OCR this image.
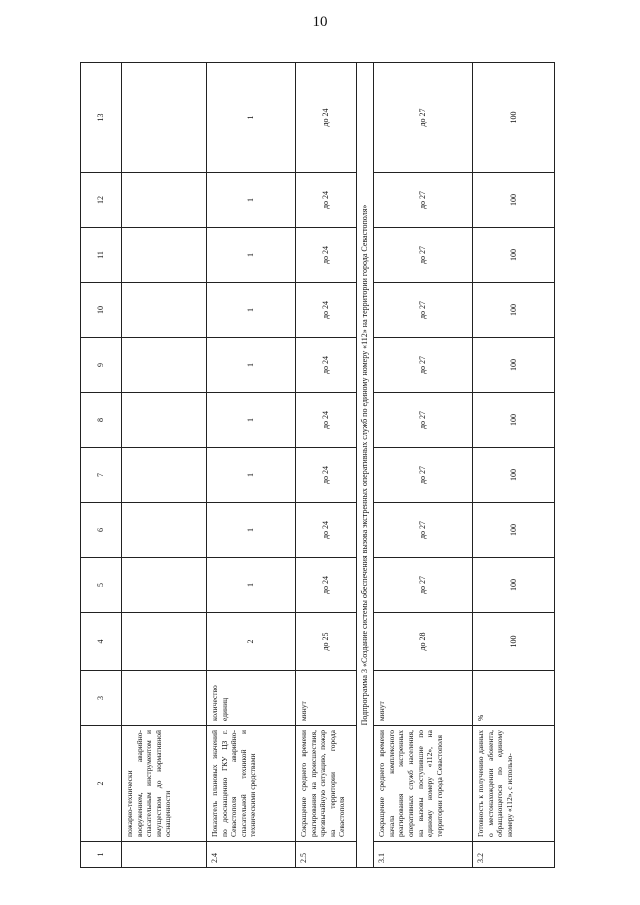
10
1	2	3	4	5	6	7	8	9	10	11	12	13
	пожарно-технически вооружением, аварийно-спасательным инструментом и имуществом до нормативной оснащенности											
2.4	Показатель плановых значений по дооснащению ГКУ ЦЗ г. Севастополя аварийно-спасательной техникой и техническими средствами	количество единиц	2	1	1	1	1	1	1	1	1	1
2.5	Сокращение среднего времени реагирования на происшествия, чрезвычайную ситуацию, пожар на территории города Севастополя	минут	до 25	до 24	до 24	до 24	до 24	до 24	до 24	до 24	до 24	до 24
Подпрограмма 3 «Создание системы обеспечения вызова экстренных оперативных служб по единому номеру «112» на территории города Севастополя»												
3.1	Сокращение среднего времени начала комплексного реагирования экстренных оперативных служб населения, на вызовы поступившие по единому номеру «112», на территории города Севастополя	минут	до 28	до 27	до 27	до 27	до 27	до 27	до 27	до 27	до 27	до 27
3.2	Готовность к получению данных о местонахождении абонента, обращающегося по единому номеру «112», с использо-	%	100	100	100	100	100	100	100	100	100	100
